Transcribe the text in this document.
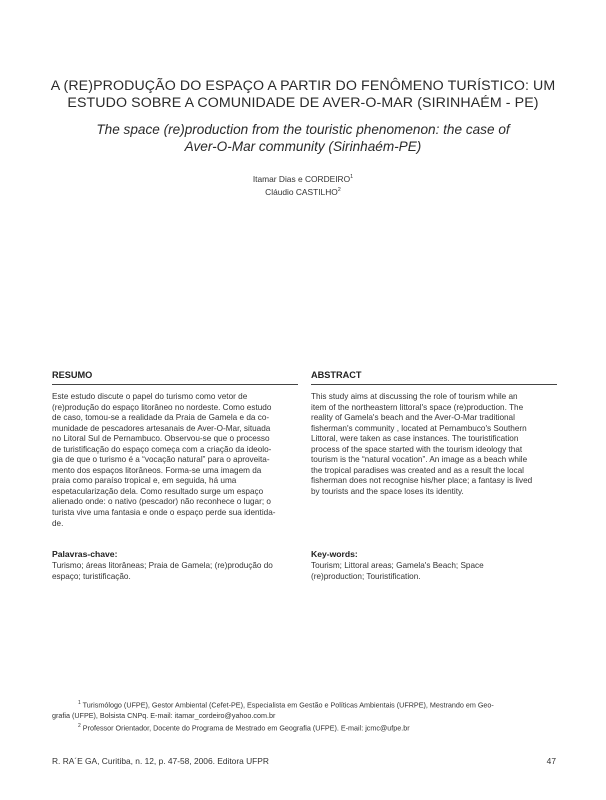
A (RE)PRODUÇÃO DO ESPAÇO A PARTIR DO FENÔMENO TURÍSTICO: UM
ESTUDO SOBRE A COMUNIDADE DE AVER-O-MAR (SIRINHAÉM - PE)
The space (re)production from the touristic phenomenon: the case of
Aver-O-Mar community (Sirinhaém-PE)
Itamar Dias e CORDEIRO$^1$
Cláudio CASTILHO$^2$
RESUMO	ABSTRACT
Este estudo discute o papel do turismo como vetor de
(re)produção do espaço litorâneo no nordeste. Como estudo
de caso, tomou-se a realidade da Praia de Gamela e da co-
munidade de pescadores artesanais de Aver-O-Mar, situada
no Litoral Sul de Pernambuco. Observou-se que o processo
de turistificação do espaço começa com a criação da ideolo-
gia de que o turismo é a “vocação natural” para o aproveita-
mento dos espaços litorâneos. Forma-se uma imagem da
praia como paraíso tropical e, em seguida, há uma
espetacularização dela. Como resultado surge um espaço
alienado onde: o nativo (pescador) não reconhece o lugar; o
turista vive uma fantasia e onde o espaço perde sua identida-
de.
This study aims at discussing the role of tourism while an
item of the northeastern littoral's space (re)production. The
reality of Gamela's beach and the Aver-O-Mar traditional
fisherman's community , located at Pernambuco's Southern
Littoral, were taken as case instances. The touristification
process of the space started with the tourism ideology that
tourism is the “natural vocation”. An image as a beach while
the tropical paradises was created and as a result the local
fisherman does not recognise his/her place; a fantasy is lived
by tourists and the space loses its identity.
Palavras-chave:
Turismo; áreas litorâneas; Praia de Gamela; (re)produção do
espaço; turistificação.
Key-words:
Tourism; Littoral areas; Gamela's Beach; Space
(re)production; Touristification.
$^1$ Turismólogo (UFPE), Gestor Ambiental (Cefet-PE), Especialista em Gestão e Políticas Ambientais (UFRPE), Mestrando em Geo-
grafia (UFPE), Bolsista CNPq. E-mail: itamar_cordeiro@yahoo.com.br
$^2$ Professor Orientador, Docente do Programa de Mestrado em Geografia (UFPE). E-mail: jcmc@ufpe.br
R. RA´E GA, Curitiba, n. 12, p. 47-58, 2006. Editora UFPR	47
